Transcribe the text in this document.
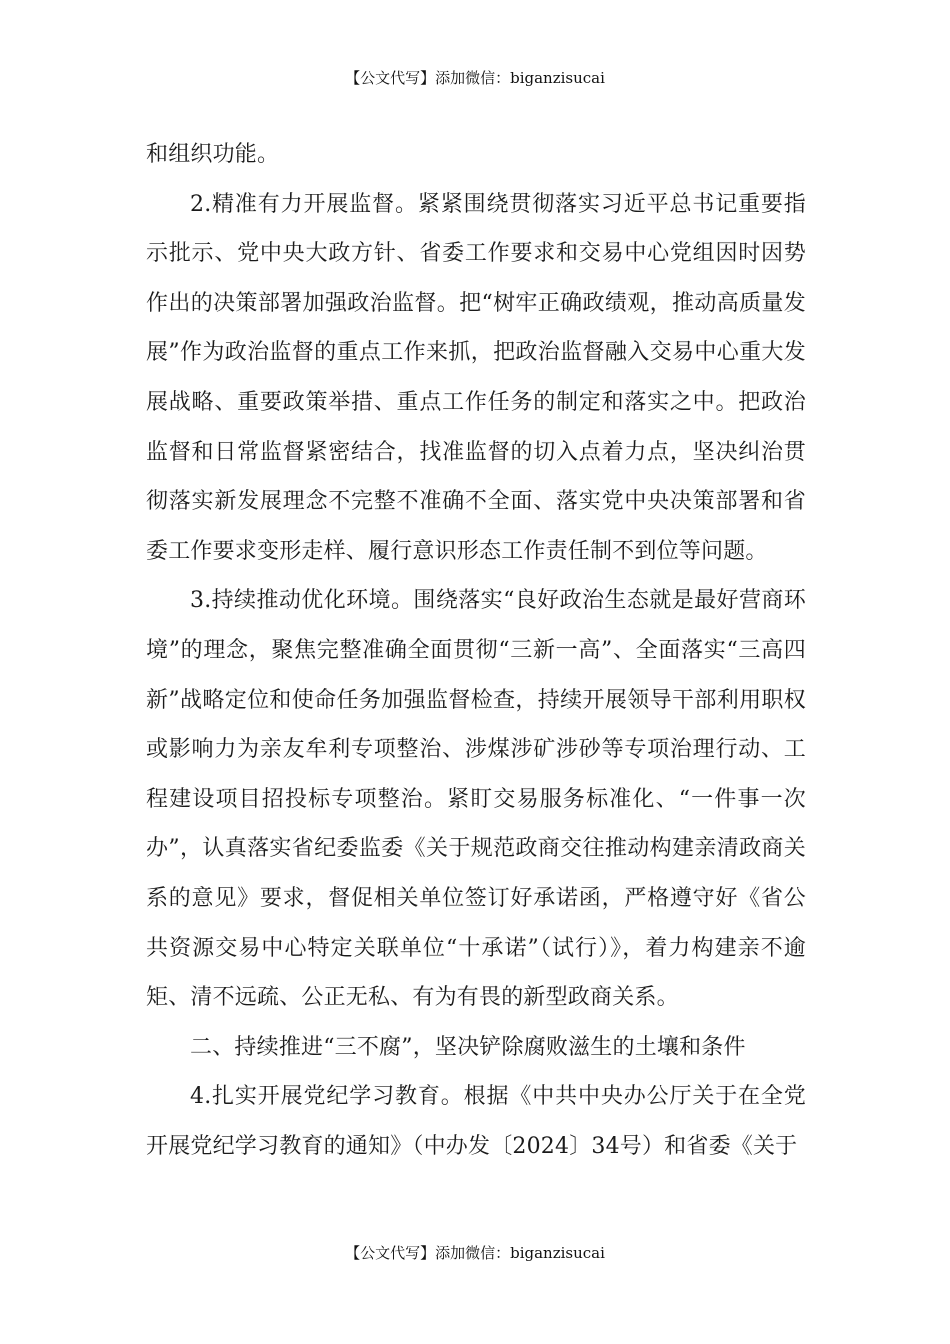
【公文代写】添加微信：biganzisucai

和组织功能。

2.精准有力开展监督。紧紧围绕贯彻落实习近平总书记重要指示批示、党中央大政方针、省委工作要求和交易中心党组因时因势作出的决策部署加强政治监督。把“树牢正确政绩观，推动高质量发展”作为政治监督的重点工作来抓，把政治监督融入交易中心重大发展战略、重要政策举措、重点工作任务的制定和落实之中。把政治监督和日常监督紧密结合，找准监督的切入点着力点，坚决纠治贯彻落实新发展理念不完整不准确不全面、落实党中央决策部署和省委工作要求变形走样、履行意识形态工作责任制不到位等问题。

3.持续推动优化环境。围绕落实“良好政治生态就是最好营商环境”的理念，聚焦完整准确全面贯彻“三新一高”、全面落实“三高四新”战略定位和使命任务加强监督检查，持续开展领导干部利用职权或影响力为亲友牟利专项整治、涉煤涉矿涉砂等专项治理行动、工程建设项目招投标专项整治。紧盯交易服务标准化、“一件事一次办”，认真落实省纪委监委《关于规范政商交往推动构建亲清政商关系的意见》要求，督促相关单位签订好承诺函，严格遵守好《省公共资源交易中心特定关联单位“十承诺”（试行）》，着力构建亲不逾矩、清不远疏、公正无私、有为有畏的新型政商关系。

二、持续推进“三不腐”，坚决铲除腐败滋生的土壤和条件

4.扎实开展党纪学习教育。根据《中共中央办公厅关于在全党开展党纪学习教育的通知》（中办发〔2024〕34号）和省委《关于

【公文代写】添加微信：biganzisucai
